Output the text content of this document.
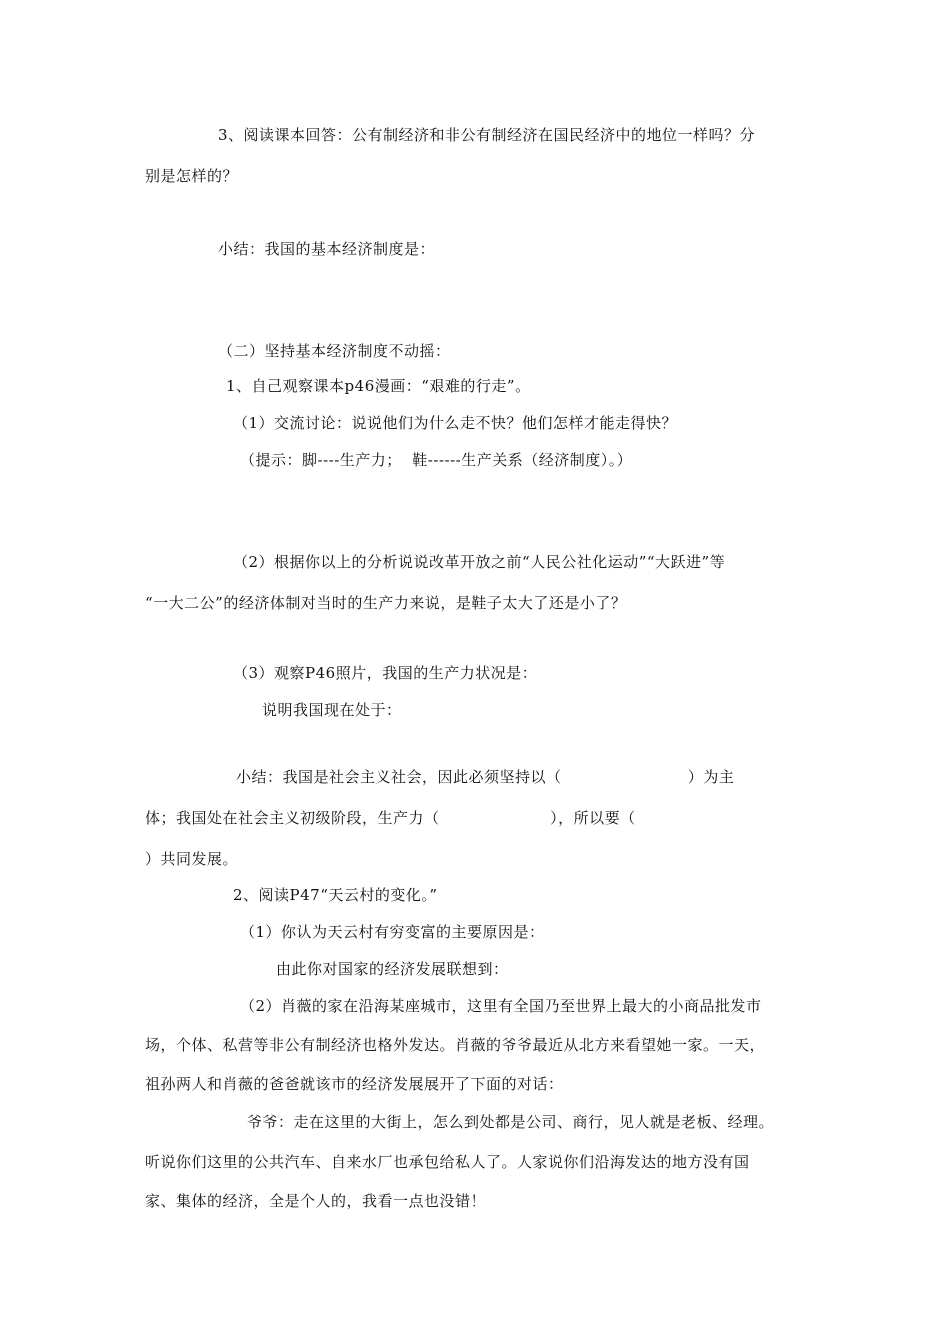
3、阅读课本回答：公有制经济和非公有制经济在国民经济中的地位一样吗？分
别是怎样的？
小结：我国的基本经济制度是：
（二）坚持基本经济制度不动摇：
1、自己观察课本p46漫画：“艰难的行走”。
（1）交流讨论：说说他们为什么走不快？他们怎样才能走得快？
（提示：脚----生产力；  鞋------生产关系（经济制度）。）
（2）根据你以上的分析说说改革开放之前“人民公社化运动”“大跃进”等
“一大二公”的经济体制对当时的生产力来说，是鞋子太大了还是小了？
（3）观察P46照片，我国的生产力状况是：
说明我国现在处于：
小结：我国是社会主义社会，因此必须坚持以（                        ）为主
体；我国处在社会主义初级阶段，生产力（                     ），所以要（
）共同发展。
2、阅读P47“天云村的变化。”
（1）你认为天云村有穷变富的主要原因是：
由此你对国家的经济发展联想到：
（2）肖薇的家在沿海某座城市，这里有全国乃至世界上最大的小商品批发市
场，个体、私营等非公有制经济也格外发达。肖薇的爷爷最近从北方来看望她一家。一天，
祖孙两人和肖薇的爸爸就该市的经济发展展开了下面的对话：
爷爷：走在这里的大街上，怎么到处都是公司、商行，见人就是老板、经理。
听说你们这里的公共汽车、自来水厂也承包给私人了。人家说你们沿海发达的地方没有国
家、集体的经济，全是个人的，我看一点也没错！
